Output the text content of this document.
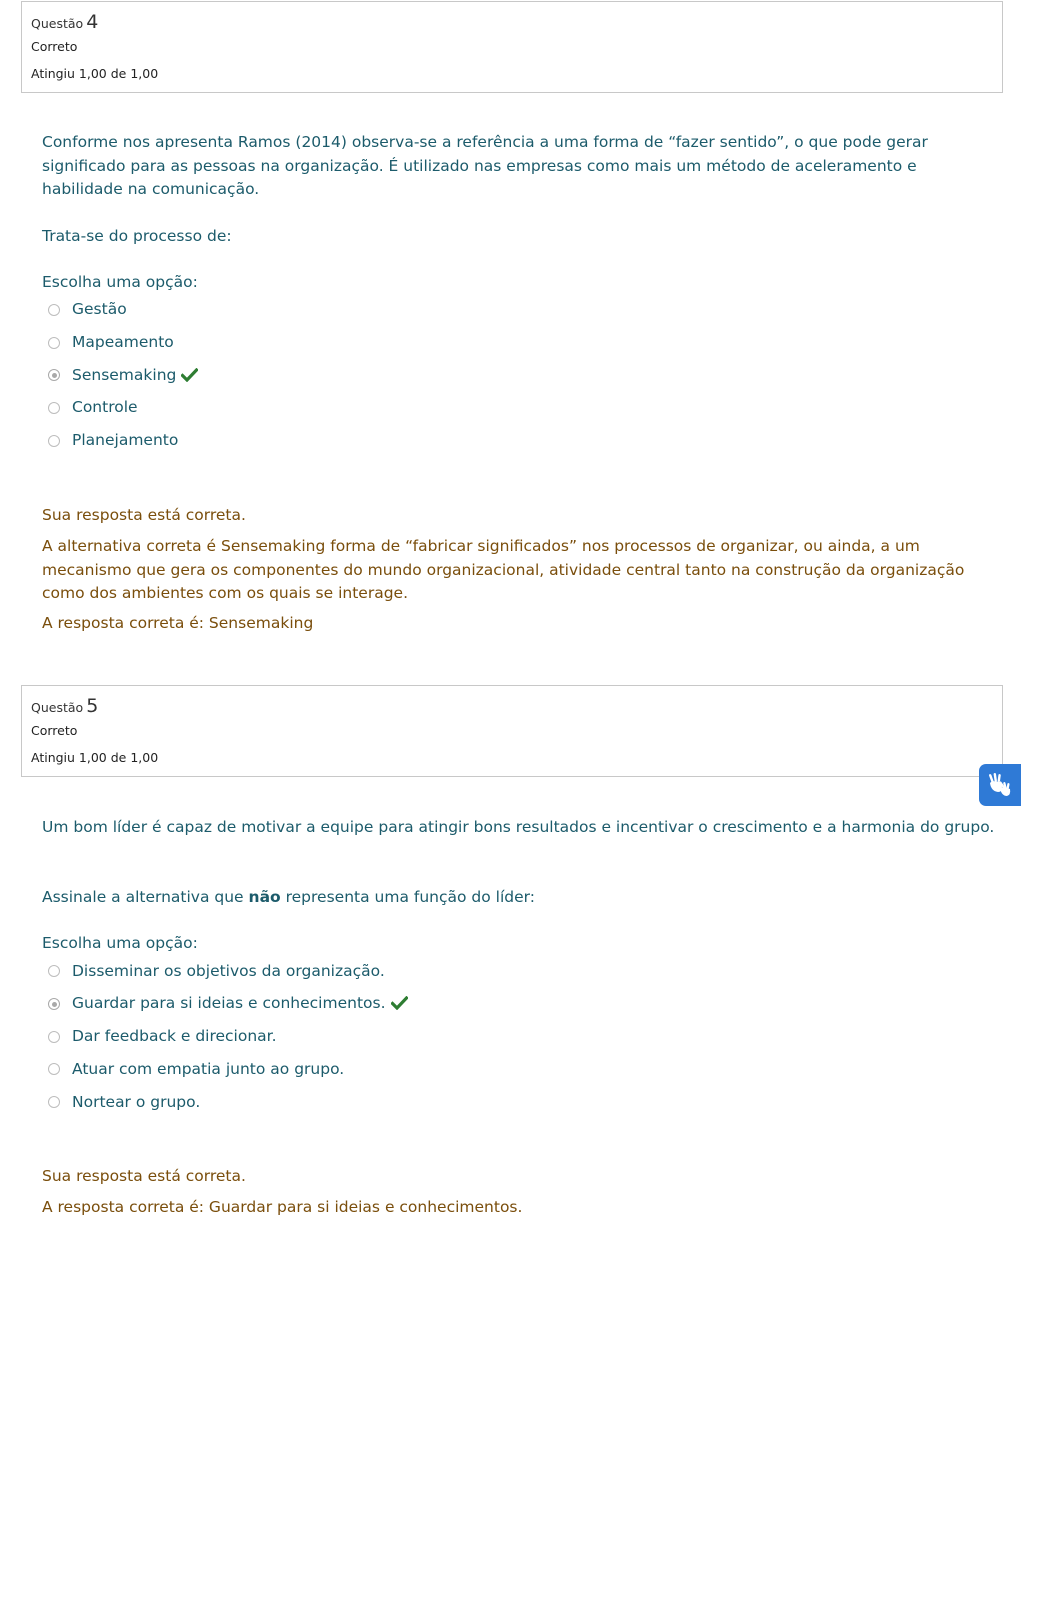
Questão 4
Correto
Atingiu 1,00 de 1,00
Conforme nos apresenta Ramos (2014) observa-se a referência a uma forma de “fazer sentido”, o que pode gerar significado para as pessoas na organização. É utilizado nas empresas como mais um método de aceleramento e habilidade na comunicação.
Trata-se do processo de:
Escolha uma opção:
Gestão
Mapeamento
Sensemaking
Controle
Planejamento
Sua resposta está correta.
A alternativa correta é Sensemaking forma de “fabricar significados” nos processos de organizar, ou ainda, a um mecanismo que gera os componentes do mundo organizacional, atividade central tanto na construção da organização como dos ambientes com os quais se interage.
A resposta correta é: Sensemaking
Questão 5
Correto
Atingiu 1,00 de 1,00
Um bom líder é capaz de motivar a equipe para atingir bons resultados e incentivar o crescimento e a harmonia do grupo.
Assinale a alternativa que não representa uma função do líder:
Escolha uma opção:
Disseminar os objetivos da organização.
Guardar para si ideias e conhecimentos.
Dar feedback e direcionar.
Atuar com empatia junto ao grupo.
Nortear o grupo.
Sua resposta está correta.
A resposta correta é: Guardar para si ideias e conhecimentos.
